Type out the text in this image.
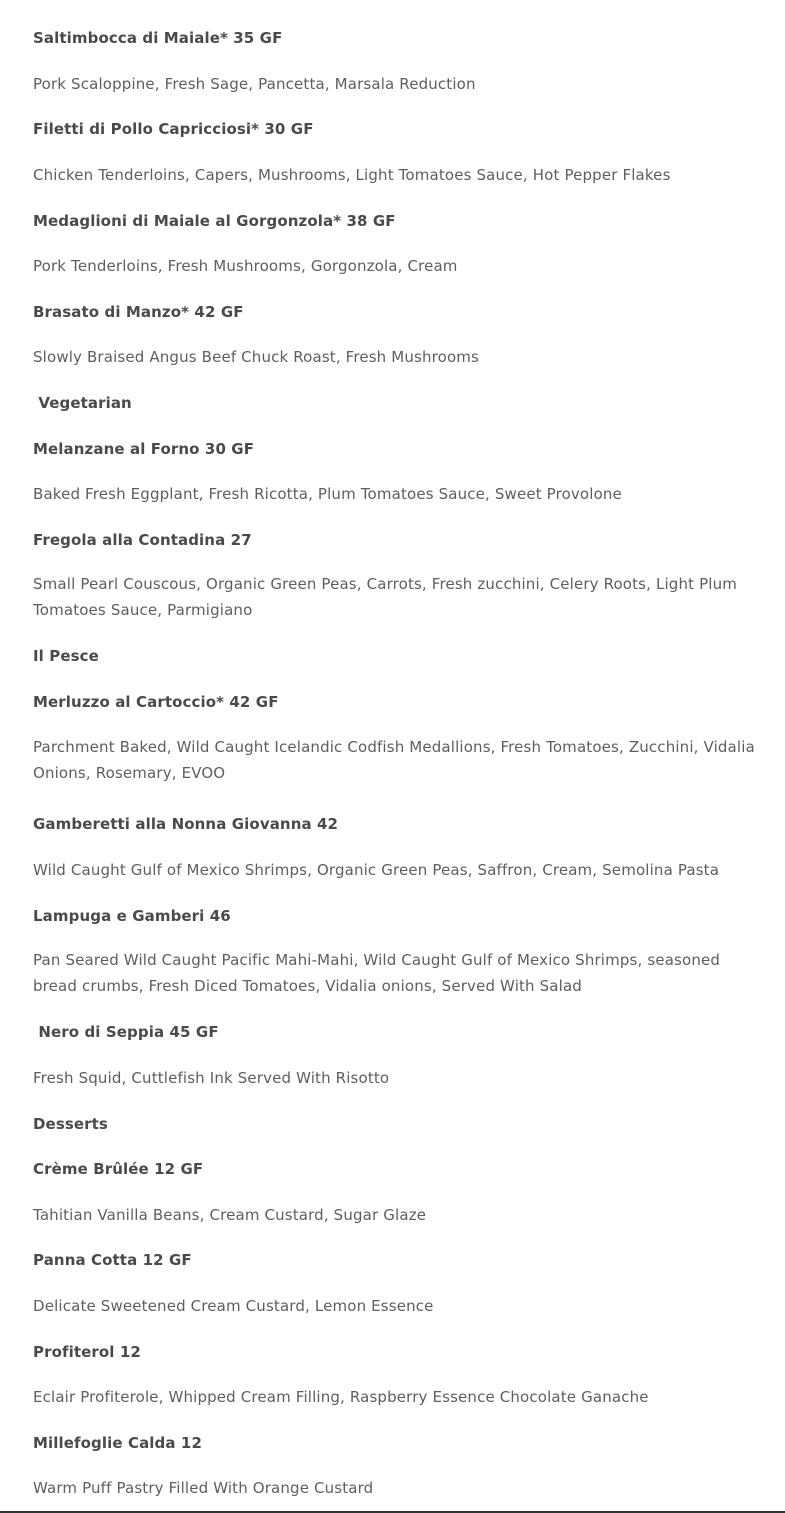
Saltimbocca di Maiale* 35 GF

Pork Scaloppine, Fresh Sage, Pancetta, Marsala Reduction

Filetti di Pollo Capricciosi* 30 GF

Chicken Tenderloins, Capers, Mushrooms, Light Tomatoes Sauce, Hot Pepper Flakes

Medaglioni di Maiale al Gorgonzola* 38 GF

Pork Tenderloins, Fresh Mushrooms, Gorgonzola, Cream

Brasato di Manzo* 42 GF

Slowly Braised Angus Beef Chuck Roast, Fresh Mushrooms

Vegetarian

Melanzane al Forno 30 GF

Baked Fresh Eggplant, Fresh Ricotta, Plum Tomatoes Sauce, Sweet Provolone

Fregola alla Contadina 27

Small Pearl Couscous, Organic Green Peas, Carrots, Fresh zucchini, Celery Roots, Light Plum Tomatoes Sauce, Parmigiano

Il Pesce

Merluzzo al Cartoccio* 42 GF

Parchment Baked, Wild Caught Icelandic Codfish Medallions, Fresh Tomatoes, Zucchini, Vidalia Onions, Rosemary, EVOO

Gamberetti alla Nonna Giovanna 42

Wild Caught Gulf of Mexico Shrimps, Organic Green Peas, Saffron, Cream, Semolina Pasta

Lampuga e Gamberi 46

Pan Seared Wild Caught Pacific Mahi-Mahi, Wild Caught Gulf of Mexico Shrimps, seasoned bread crumbs, Fresh Diced Tomatoes, Vidalia onions, Served With Salad

Nero di Seppia 45 GF

Fresh Squid, Cuttlefish Ink Served With Risotto

Desserts

Crème Brûlée 12 GF

Tahitian Vanilla Beans, Cream Custard, Sugar Glaze

Panna Cotta 12 GF

Delicate Sweetened Cream Custard, Lemon Essence

Profiterol 12

Eclair Profiterole, Whipped Cream Filling, Raspberry Essence Chocolate Ganache

Millefoglie Calda 12

Warm Puff Pastry Filled With Orange Custard
